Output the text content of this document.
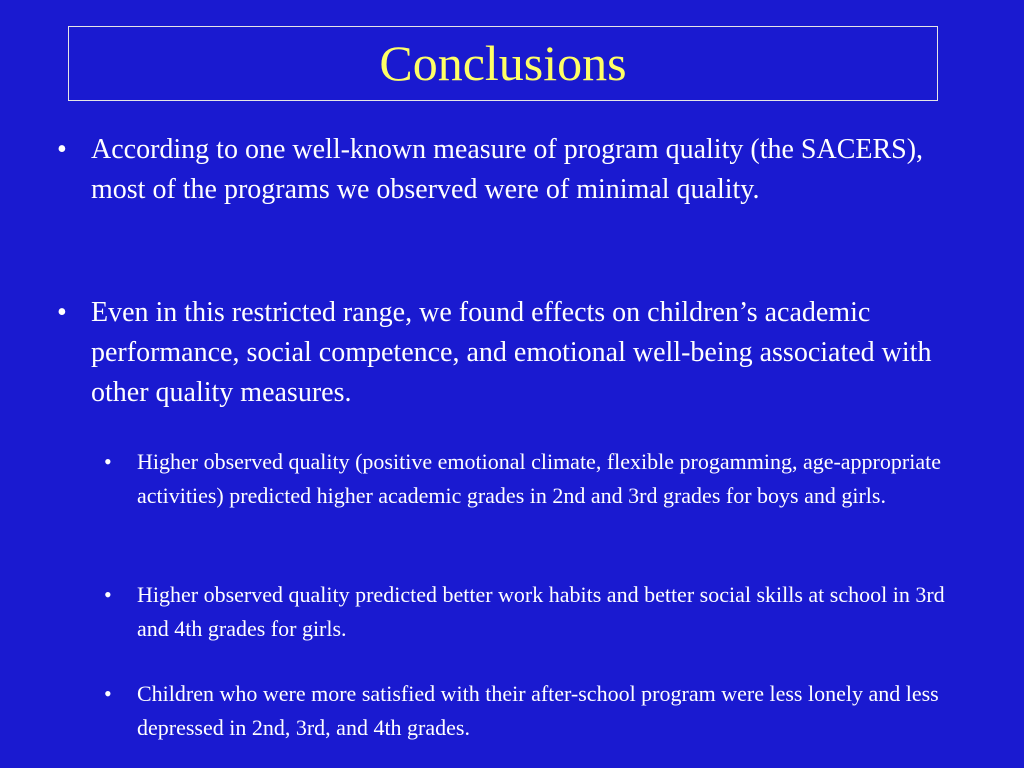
Conclusions
• According to one well-known measure of program quality (the SACERS), most of the programs we observed were of minimal quality.
• Even in this restricted range, we found effects on children’s academic performance, social competence, and emotional well-being associated with other quality measures.
• Higher observed quality (positive emotional climate, flexible progamming, age-appropriate activities) predicted higher academic grades in 2nd and 3rd grades for boys and girls.
• Higher observed quality predicted better work habits and better social skills at school in 3rd and 4th grades for girls.
• Children who were more satisfied with their after-school program were less lonely and less depressed in 2nd, 3rd, and 4th grades.
